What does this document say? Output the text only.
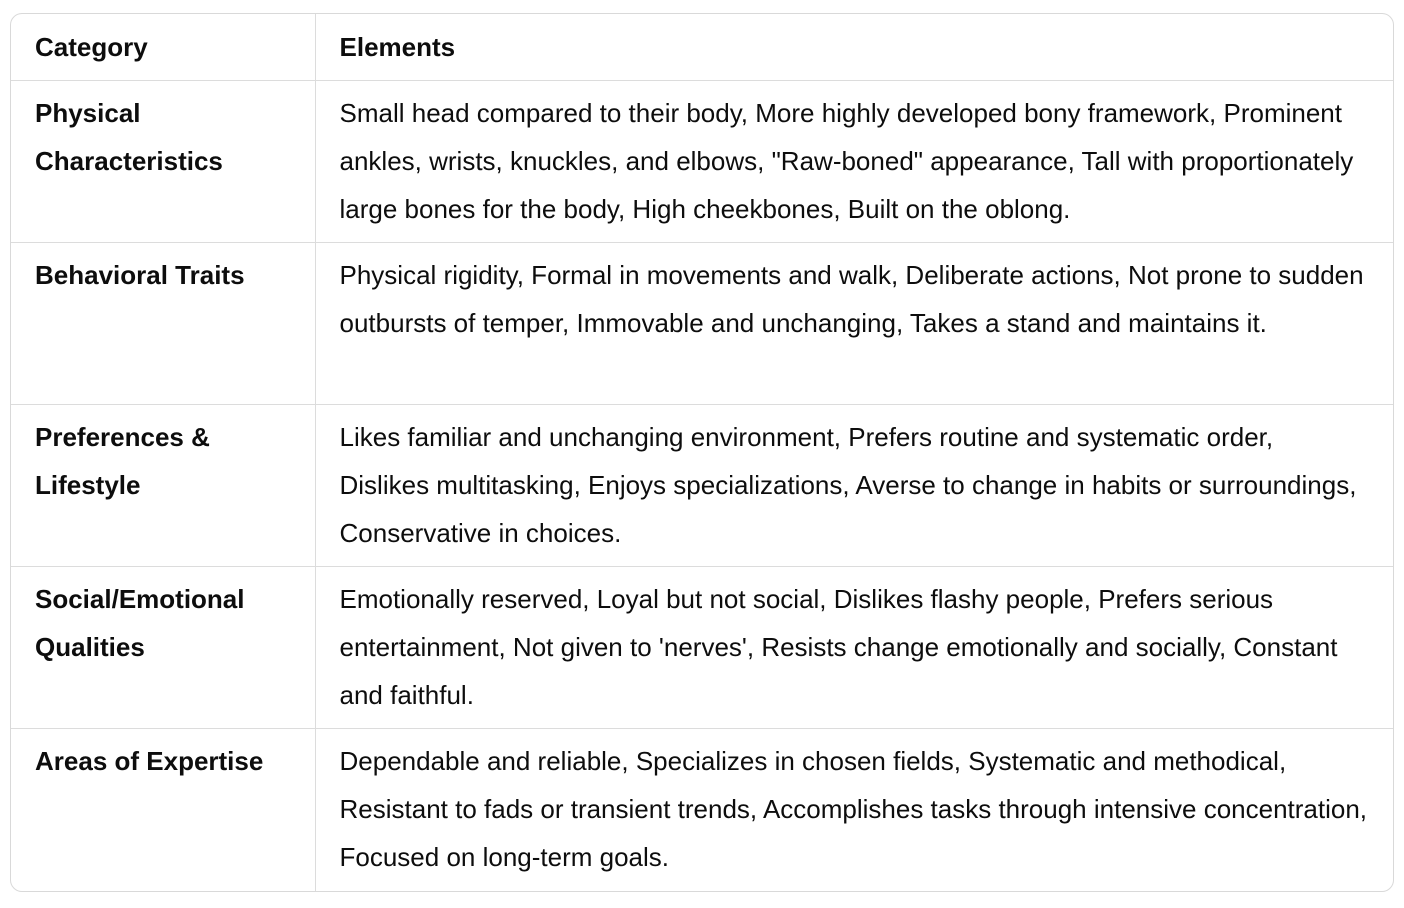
Category	Elements
Physical Characteristics	Small head compared to their body, More highly developed bony framework, Prominent ankles, wrists, knuckles, and elbows, "Raw-boned" appearance, Tall with proportionately large bones for the body, High cheekbones, Built on the oblong.
Behavioral Traits	Physical rigidity, Formal in movements and walk, Deliberate actions, Not prone to sudden outbursts of temper, Immovable and unchanging, Takes a stand and maintains it.
Preferences & Lifestyle	Likes familiar and unchanging environment, Prefers routine and systematic order, Dislikes multitasking, Enjoys specializations, Averse to change in habits or surroundings, Conservative in choices.
Social/Emotional Qualities	Emotionally reserved, Loyal but not social, Dislikes flashy people, Prefers serious entertainment, Not given to 'nerves', Resists change emotionally and socially, Constant and faithful.
Areas of Expertise	Dependable and reliable, Specializes in chosen fields, Systematic and methodical, Resistant to fads or transient trends, Accomplishes tasks through intensive concentration, Focused on long-term goals.
